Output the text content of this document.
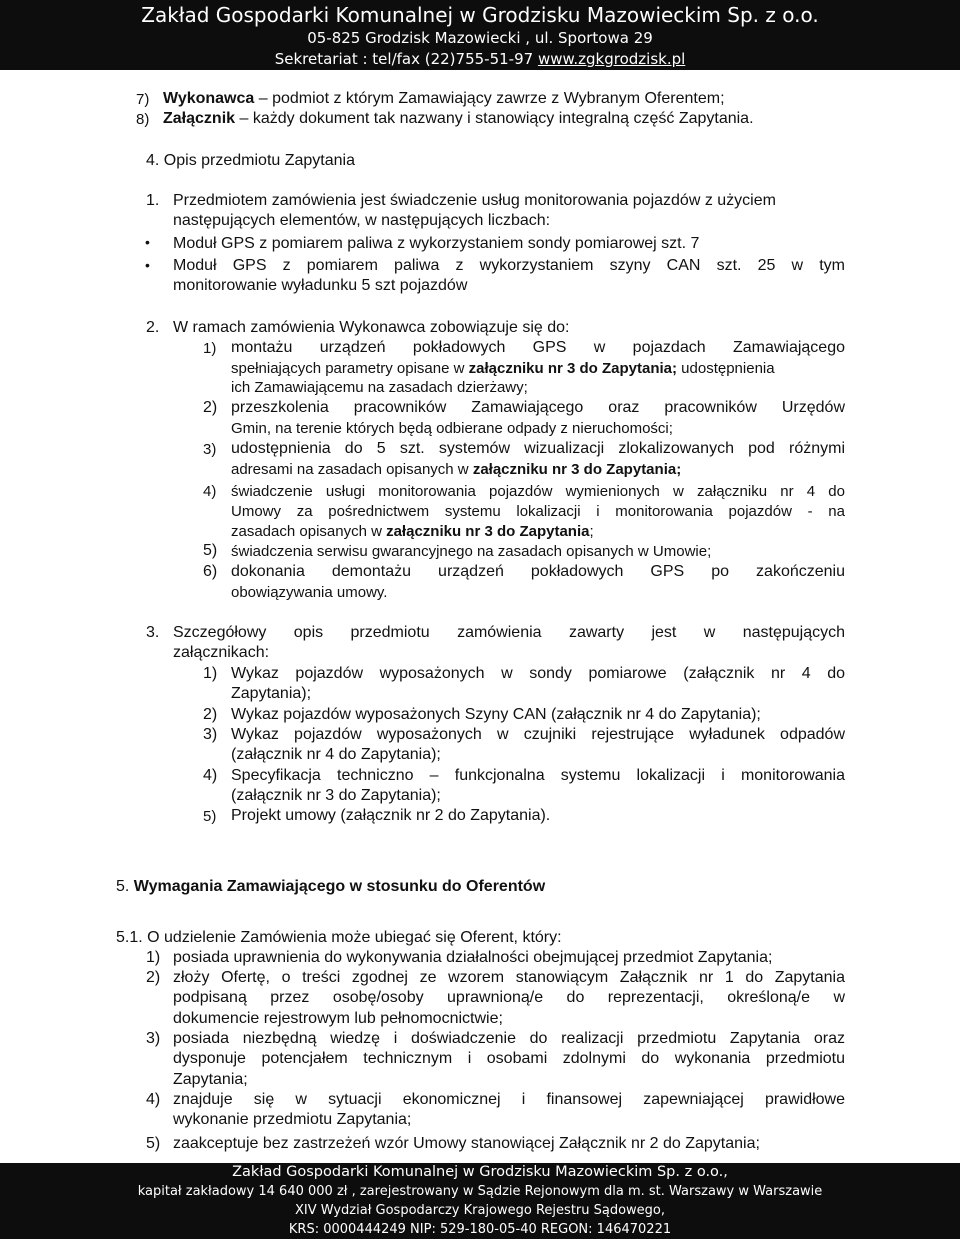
Zakład Gospodarki Komunalnej w Grodzisku Mazowieckim Sp. z o.o.
05-825 Grodzisk Mazowiecki , ul. Sportowa 29
Sekretariat : tel/fax (22)755-51-97 www.zgkgrodzisk.pl
7) Wykonawca – podmiot z którym Zamawiający zawrze z Wybranym Oferentem;
8) Załącznik – każdy dokument tak nazwany i stanowiący integralną część Zapytania.
4. Opis przedmiotu Zapytania
1. Przedmiotem zamówienia jest świadczenie usług monitorowania pojazdów z użyciem
następujących elementów, w następujących liczbach:
• Moduł GPS z pomiarem paliwa z wykorzystaniem sondy pomiarowej szt. 7
• Moduł GPS z pomiarem paliwa z wykorzystaniem szyny CAN szt. 25 w tym
monitorowanie wyładunku 5 szt pojazdów
2. W ramach zamówienia Wykonawca zobowiązuje się do:
1) montażu urządzeń pokładowych GPS w pojazdach Zamawiającego
spełniających parametry opisane w załączniku nr 3 do Zapytania; udostępnienia
ich Zamawiającemu na zasadach dzierżawy;
2) przeszkolenia pracowników Zamawiającego oraz pracowników Urzędów
Gmin, na terenie których będą odbierane odpady z nieruchomości;
3) udostępnienia do 5 szt. systemów wizualizacji zlokalizowanych pod różnymi
adresami na zasadach opisanych w załączniku nr 3 do Zapytania;
4) świadczenie usługi monitorowania pojazdów wymienionych w załączniku nr 4 do
Umowy za pośrednictwem systemu lokalizacji i monitorowania pojazdów - na
zasadach opisanych w załączniku nr 3 do Zapytania;
5) świadczenia serwisu gwarancyjnego na zasadach opisanych w Umowie;
6) dokonania demontażu urządzeń pokładowych GPS po zakończeniu
obowiązywania umowy.
3. Szczegółowy opis przedmiotu zamówienia zawarty jest w następujących
załącznikach:
1) Wykaz pojazdów wyposażonych w sondy pomiarowe (załącznik nr 4 do
Zapytania);
2) Wykaz pojazdów wyposażonych Szyny CAN (załącznik nr 4 do Zapytania);
3) Wykaz pojazdów wyposażonych w czujniki rejestrujące wyładunek odpadów
(załącznik nr 4 do Zapytania);
4) Specyfikacja techniczno – funkcjonalna systemu lokalizacji i monitorowania
(załącznik nr 3 do Zapytania);
5) Projekt umowy (załącznik nr 2 do Zapytania).
5. Wymagania Zamawiającego w stosunku do Oferentów
5.1. O udzielenie Zamówienia może ubiegać się Oferent, który:
1) posiada uprawnienia do wykonywania działalności obejmującej przedmiot Zapytania;
2) złoży Ofertę, o treści zgodnej ze wzorem stanowiącym Załącznik nr 1 do Zapytania
podpisaną przez osobę/osoby uprawnioną/e do reprezentacji, określoną/e w
dokumencie rejestrowym lub pełnomocnictwie;
3) posiada niezbędną wiedzę i doświadczenie do realizacji przedmiotu Zapytania oraz
dysponuje potencjałem technicznym i osobami zdolnymi do wykonania przedmiotu
Zapytania;
4) znajduje się w sytuacji ekonomicznej i finansowej zapewniającej prawidłowe
wykonanie przedmiotu Zapytania;
5) zaakceptuje bez zastrzeżeń wzór Umowy stanowiącej Załącznik nr 2 do Zapytania;
Zakład Gospodarki Komunalnej w Grodzisku Mazowieckim Sp. z o.o.,
kapitał zakładowy 14 640 000 zł , zarejestrowany w Sądzie Rejonowym dla m. st. Warszawy w Warszawie
XIV Wydział Gospodarczy Krajowego Rejestru Sądowego,
KRS: 0000444249 NIP: 529-180-05-40 REGON: 146470221
